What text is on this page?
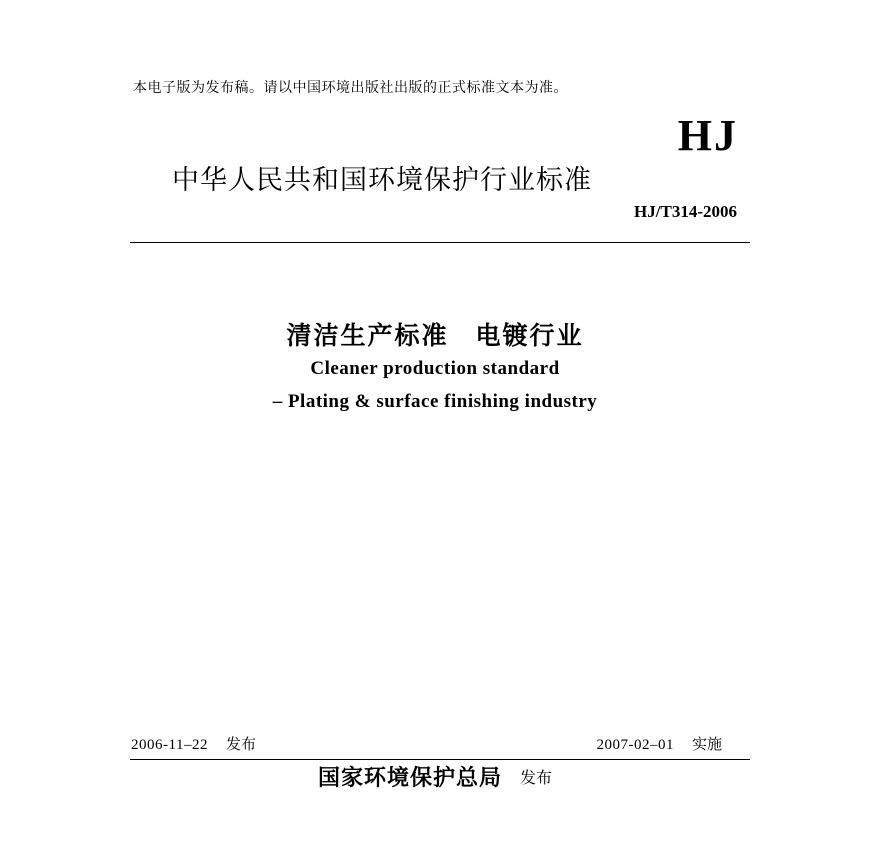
本电子版为发布稿。请以中国环境出版社出版的正式标准文本为准。
HJ
中华人民共和国环境保护行业标准
HJ/T314-2006
清洁生产标准　电镀行业
Cleaner production standard
– Plating & surface finishing industry
2006-11–22 发布	2007-02–01 实施
国家环境保护总局 发布
